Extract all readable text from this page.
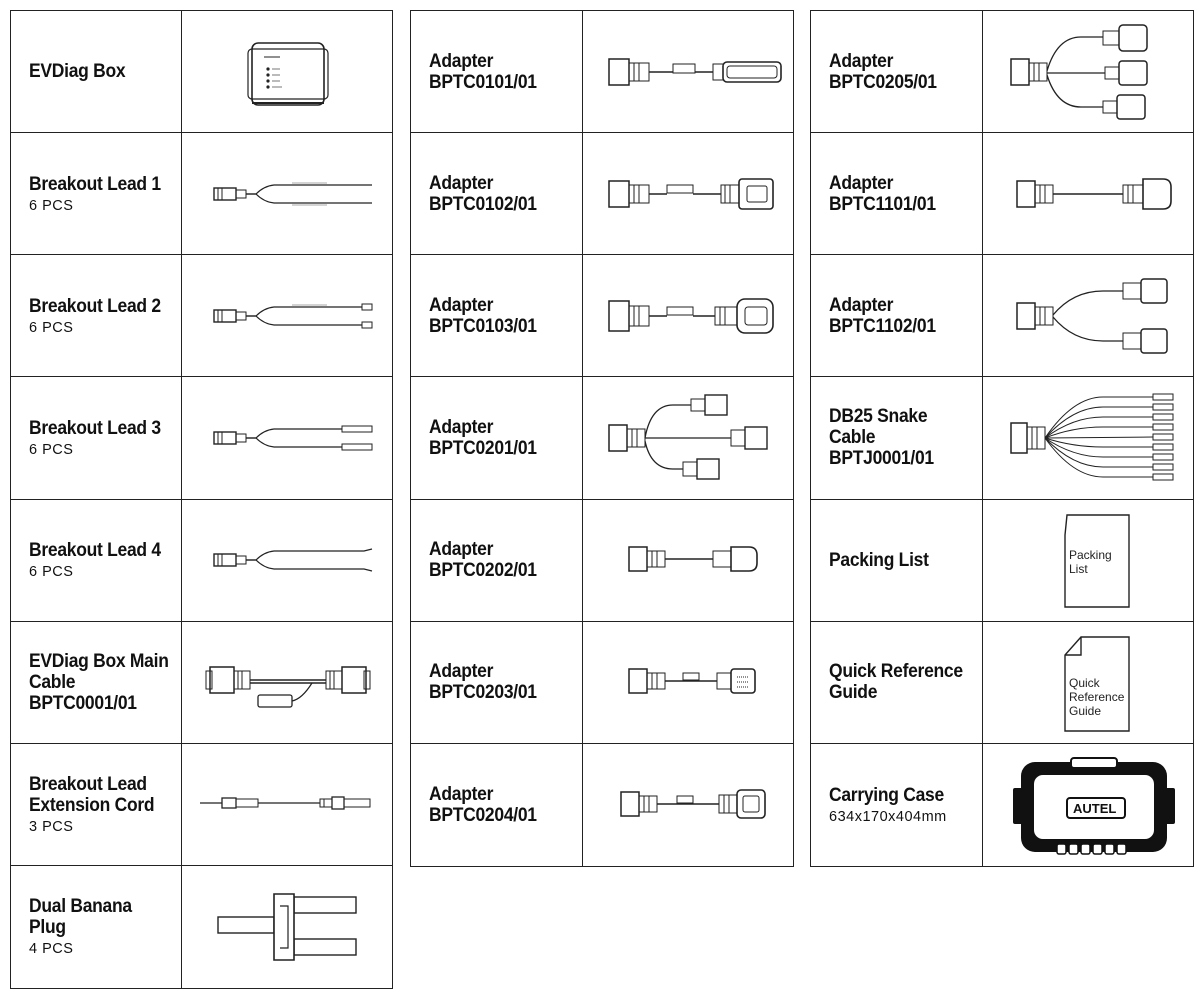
EVDiag Box
Breakout Lead 1
6 PCS
Breakout Lead 2
6 PCS
Breakout Lead 3
6 PCS
Breakout Lead 4
6 PCS
EVDiag Box Main
Cable
BPTC0001/01
Breakout Lead
Extension Cord
3 PCS
Dual Banana Plug
4 PCS
Adapter
BPTC0101/01
Adapter
BPTC0102/01
Adapter
BPTC0103/01
Adapter
BPTC0201/01
Adapter
BPTC0202/01
Adapter
BPTC0203/01
Adapter
BPTC0204/01
Adapter
BPTC0205/01
Adapter
BPTC1101/01
Adapter
BPTC1102/01
DB25 Snake
Cable
BPTJ0001/01
Packing List	Packing
List
Quick Reference
Guide	Quick
Reference
Guide
Carrying Case
634x170x404mm
AUTEL
